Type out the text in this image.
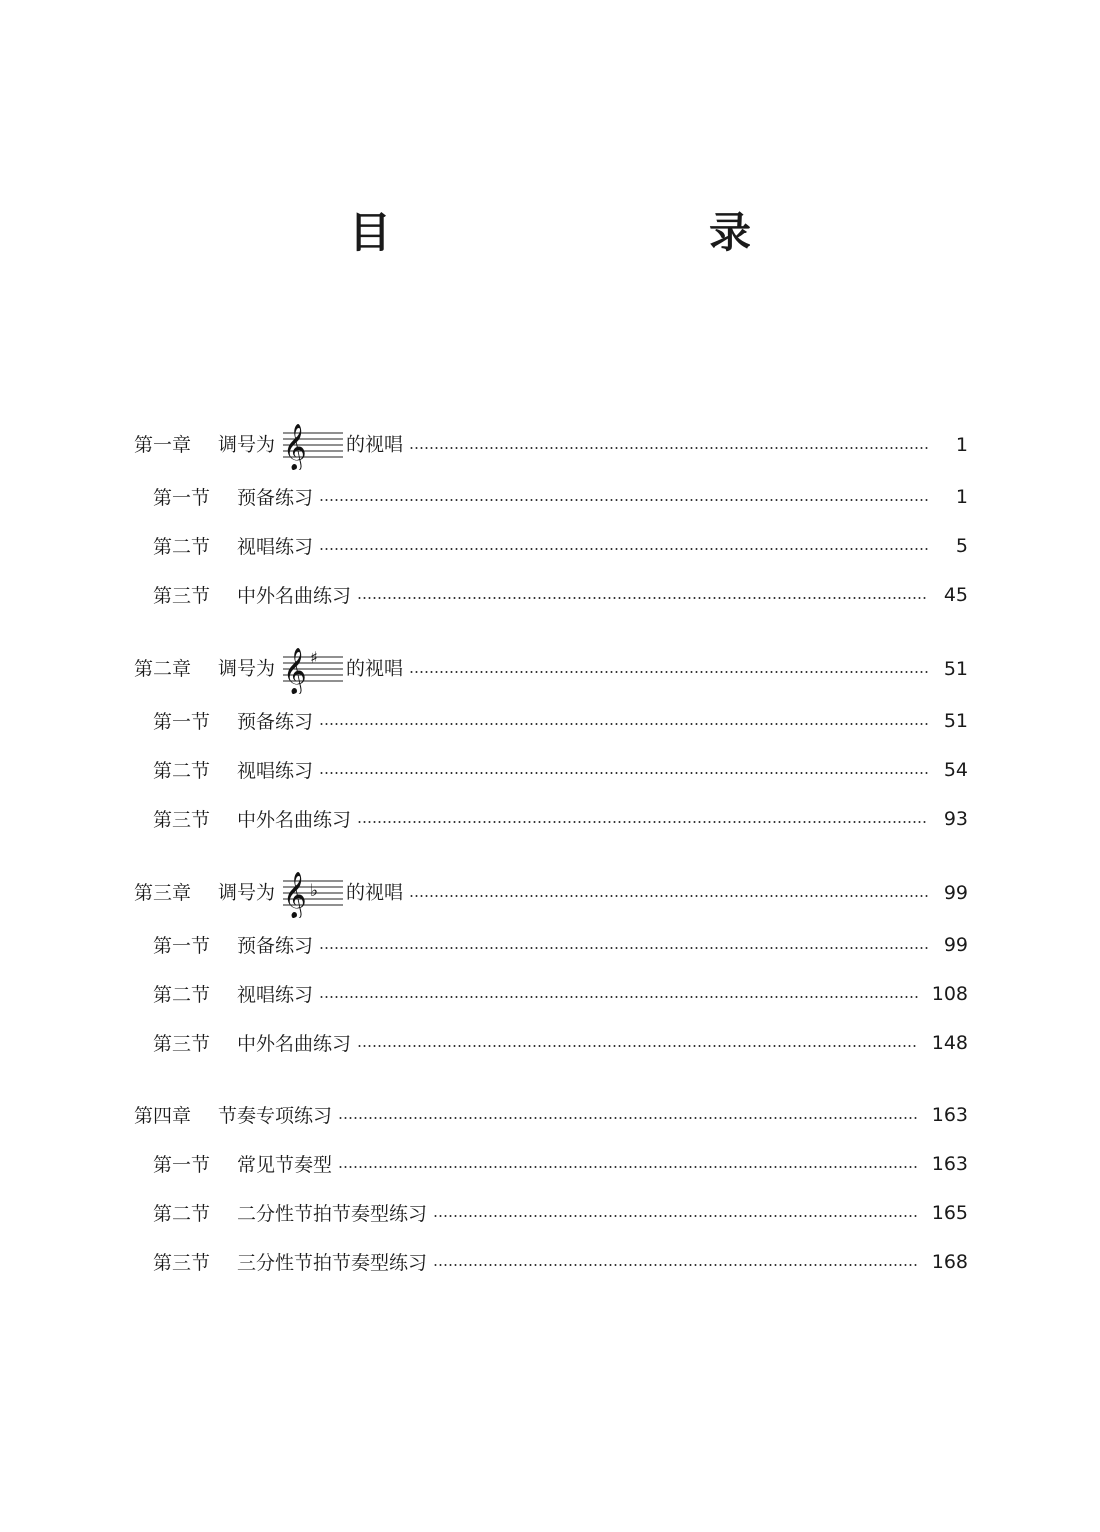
目　　录
第一章 调号为 𝄞 的视唱	1
第一节 预备练习	1
第二节 视唱练习	5
第三节 中外名曲练习	45
第二章 调号为 𝄞 ♯ 的视唱	51
第一节 预备练习	51
第二节 视唱练习	54
第三节 中外名曲练习	93
第三章 调号为 𝄞 ♭ 的视唱	99
第一节 预备练习	99
第二节 视唱练习	108
第三节 中外名曲练习	148
第四章 节奏专项练习	163
第一节 常见节奏型	163
第二节 二分性节拍节奏型练习	165
第三节 三分性节拍节奏型练习	168
